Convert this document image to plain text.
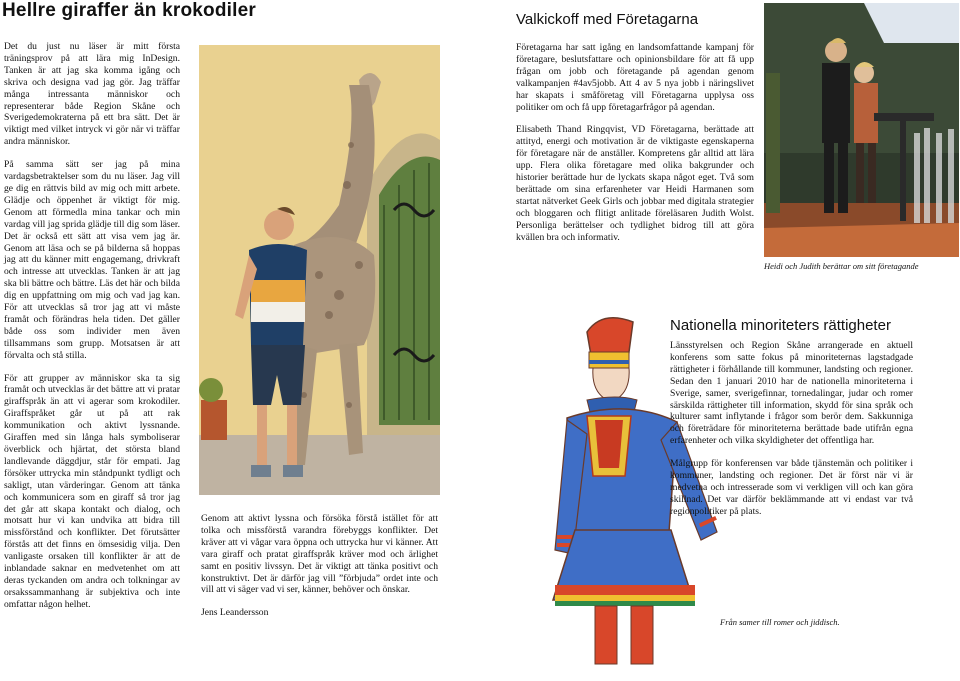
Hellre giraffer än krokodiler

Det du just nu läser är mitt första träningsprov på att lära mig InDesign. Tanken är att jag ska komma igång och skriva och designa vad jag gör. Jag träffar många intressanta människor och representerar både Region Skåne och Sverigedemokraterna på ett bra sätt. Det är viktigt med vilket intryck vi gör när vi träffar andra människor.

På samma sätt ser jag på mina vardagsbetraktelser som du nu läser. Jag vill ge dig en rättvis bild av mig och mitt arbete. Glädje och öppenhet är viktigt för mig. Genom att förmedla mina tankar och min vardag vill jag sprida glädje till dig som läser. Det är också ett sätt att visa vem jag är. Genom att läsa och se på bilderna så hoppas jag att du känner mitt engagemang, drivkraft och intresse att utvecklas. Tanken är att jag ska bli bättre och bättre. Läs det här och bilda dig en uppfattning om mig och vad jag kan. För att utvecklas så tror jag att vi måste framåt och förändras hela tiden. Det gäller både oss som individer men även tillsammans som grupp. Motsatsen är att förvalta och stå stilla.

För att grupper av människor ska ta sig framåt och utvecklas är det bättre att vi pratar giraffspråk än att vi agerar som krokodiler. Giraffspråket går ut på att rak kommunikation och aktivt lyssnande. Giraffen med sin långa hals symboliserar överblick och hjärtat, det största bland landlevande däggdjur, står för empati. Jag försöker uttrycka min ståndpunkt tydligt och sakligt, utan värderingar. Genom att tänka och kommunicera som en giraff så tror jag det går att skapa kontakt och dialog, och motsatt hur vi kan undvika att bidra till missförstånd och konflikter. Det förutsätter förstås att det finns en ömsesidig vilja. Den vanligaste orsaken till konflikter är att de inblandade saknar en medvetenhet om att deras tyckanden om andra och tolkningar av orsakssammanhang är subjektiva och inte omfattar någon helhet.

Genom att aktivt lyssna och försöka förstå istället för att tolka och missförstå varandra förebyggs konflikter. Det kräver att vi vågar vara öppna och uttrycka hur vi känner. Att vara giraff och pratat giraffspråk kräver mod och ärlighet samt en positiv livssyn. Det är viktigt att tänka positivt och konstruktivt. Det är därför jag vill ”förbjuda” ordet inte och vill att vi säger vad vi ser, känner, behöver och önskar.

Jens Leandersson

Valkickoff med Företagarna

Företagarna har satt igång en landsomfattande kampanj för företagare, beslutsfattare och opinionsbildare för att få upp frågan om jobb och företagande på agendan genom valkampanjen #4av5jobb. Att 4 av 5 nya jobb i näringslivet har skapats i småföretag vill Företagarna upplysa oss politiker om och få upp företagarfrågor på agendan.

Elisabeth Thand Ringqvist, VD Företagarna, berättade att attityd, energi och motivation är de viktigaste egenskaperna för företagare när de anställer. Kompretens går alltid att lära upp. Flera olika företagare med olika bakgrunder och historier berättade hur de lyckats skapa något eget. Två som berättade om sina erfarenheter var Heidi Harmanen som startat nätverket Geek Girls och jobbar med digitala strategier och bloggaren och flitigt anlitade föreläsaren Judith Wolst. Personliga berättelser och tydlighet bidrog till att göra kvällen bra och informativ.

Heidi och Judith berättar om sitt företagande
Nationella minoriteters rättigheter

Länsstyrelsen och Region Skåne arrangerade en aktuell konferens som satte fokus på minoriteternas lagstadgade rättigheter i förhållande till kommuner, landsting och regioner. Sedan den 1 januari 2010 har de nationella minoriteterna i Sverige, samer, sverigefinnar, tornedalingar, judar och romer särskilda rättigheter till information, skydd för sina språk och kulturer samt inflytande i frågor som berör dem. Sakkunniga och företrädare för minoriteterna berättade bade utifrån egna erfarenheter och vilka skyldigheter det offentliga har.

Målgrupp för konferensen var både tjänstemän och politiker i kommuner, landsting och regioner. Det är först när vi är medvetna och intresserade som vi verkligen vill och kan göra skillnad. Det var därför beklämmande att vi endast var två regionpolitiker på plats.

Från samer till romer och jiddisch.
